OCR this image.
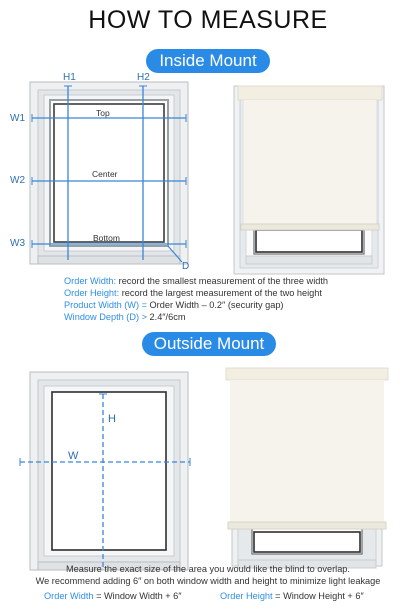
HOW TO MEASURE
Inside Mount
H1	H2
W1
W2
W3
D
Top
Center
Bottom
Order Width: record the smallest measurement of the three width
Order Height: record the largest measurement of the two height
Product Width (W) = Order Width – 0.2″ (security gap)
Window Depth (D) > 2.4″/6cm
Outside Mount
H
W
Measure the exact size of the area you would like the blind to overlap.
We recommend adding 6″ on both window width and height to minimize light leakage
Order Width = Window Width + 6″	Order Height = Window Height + 6″
